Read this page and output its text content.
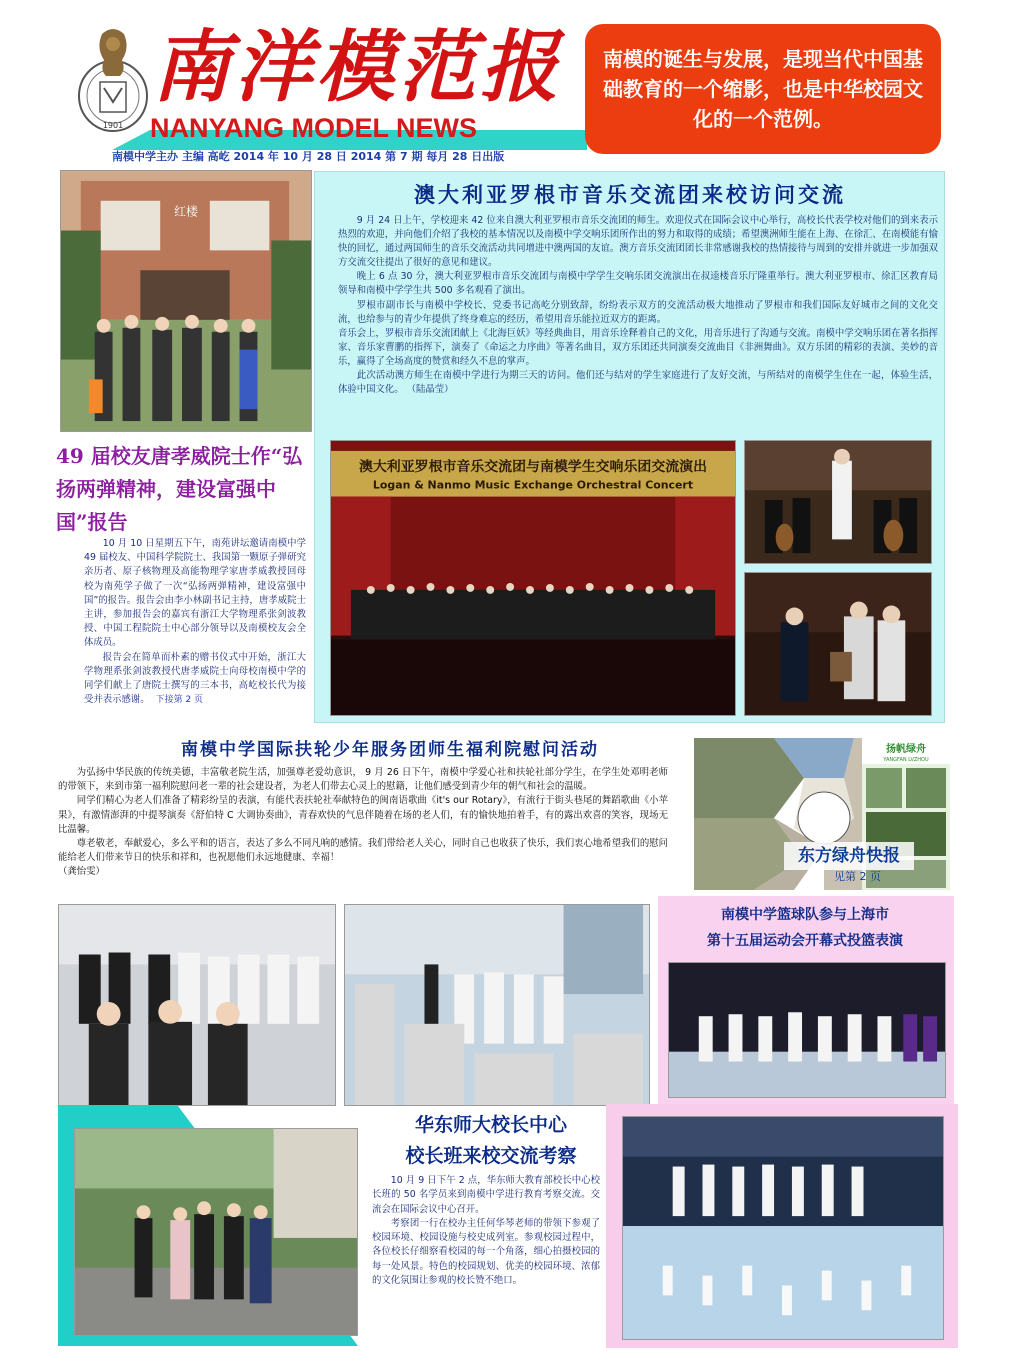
1901
南洋模范报
NANYANG MODEL NEWS
南模中学主办 主编 高屹 2014 年 10 月 28 日 2014 第 7 期 每月 28 日出版
南模的诞生与发展，是现当代中国基础教育的一个缩影，也是中华校园文化的一个范例。
红楼
澳大利亚罗根市音乐交流团来校访问交流

9 月 24 日上午，学校迎来 42 位来自澳大利亚罗根市音乐交流团的师生。欢迎仪式在国际会议中心举行，高校长代表学校对他们的到来表示热烈的欢迎，并向他们介绍了我校的基本情况以及南模中学交响乐团所作出的努力和取得的成绩；希望澳洲师生能在上海、在徐汇、在南模能有愉快的回忆，通过两国师生的音乐交流活动共同增进中澳两国的友谊。澳方音乐交流团团长非常感谢我校的热情接待与周到的安排并就进一步加强双方交流交往提出了很好的意见和建议。

晚上 6 点 30 分，澳大利亚罗根市音乐交流团与南模中学学生交响乐团交流演出在叔逵楼音乐厅隆重举行。澳大利亚罗根市、徐汇区教育局领导和南模中学学生共 500 多名观看了演出。

罗根市副市长与南模中学校长、党委书记高屹分别致辞，纷纷表示双方的交流活动极大地推动了罗根市和我们国际友好城市之间的文化交流，也给参与的青少年提供了终身难忘的经历，希望用音乐能拉近双方的距离。

音乐会上，罗根市音乐交流团献上《北海巨妖》等经典曲目，用音乐诠释着自己的文化，用音乐进行了沟通与交流。南模中学交响乐团在著名指挥家、音乐家曹鹏的指挥下，演奏了《命运之力序曲》等著名曲目，双方乐团还共同演奏交流曲目《非洲舞曲》。双方乐团的精彩的表演、美妙的音乐，赢得了全场高度的赞赏和经久不息的掌声。

此次活动澳方师生在南模中学进行为期三天的访问。他们还与结对的学生家庭进行了友好交流，与所结对的南模学生住在一起，体验生活，体验中国文化。 （陆晶莹）

澳大利亚罗根市音乐交流团与南模学生交响乐团交流演出
Logan & Nanmo Music Exchange Orchestral Concert
49 届校友唐孝威院士作“弘扬两弹精神，建设富强中国”报告

10 月 10 日星期五下午，南苑讲坛邀请南模中学 49 届校友、中国科学院院士、我国第一颗原子弹研究亲历者、原子核物理及高能物理学家唐孝威教授回母校为南苑学子做了一次“弘扬两弹精神，建设富强中国”的报告。报告会由李小林副书记主持，唐孝威院士主讲，参加报告会的嘉宾有浙江大学物理系张剑波教授、中国工程院院士中心部分领导以及南模校友会全体成员。

报告会在简单而朴素的赠书仪式中开始，浙江大学物理系张剑波教授代唐孝威院士向母校南模中学的同学们献上了唐院士撰写的三本书，高屹校长代为接受并表示感谢。 下接第 2 页

南模中学国际扶轮少年服务团师生福利院慰问活动

为弘扬中华民族的传统美德，丰富敬老院生活，加强尊老爱幼意识， 9 月 26 日下午，南模中学爱心社和扶轮社部分学生，在学生处邓明老师的带领下，来到市第一福利院慰问老一辈的社会建设者，为老人们带去心灵上的慰籍，让他们感受到青少年的朝气和社会的温暖。

同学们精心为老人们准备了精彩纷呈的表演，有能代表扶轮社奉献特色的闽南语歌曲《it's our Rotary》，有流行于街头巷尾的舞蹈歌曲《小苹果》，有激情澎湃的中提琴演奏《舒伯特 C 大调协奏曲》，青春欢快的气息伴随着在场的老人们，有的愉快地拍着手，有的露出欢喜的笑容，现场无比温馨。

尊老敬老，奉献爱心，多么平和的语言，表达了多么不同凡响的感情。我们带给老人关心，同时自己也收获了快乐，我们衷心地希望我们的慰问能给老人们带来节日的快乐和祥和，也祝愿他们永远地健康、幸福！

（龚怡雯）

扬帆绿舟
YANGFAN LVZHOU
东方绿舟快报
见第 2 页
南模中学篮球队参与上海市
第十五届运动会开幕式投篮表演
华东师大校长中心
校长班来校交流考察

10 月 9 日下午 2 点，华东师大教育部校长中心校长班的 50 名学员来到南模中学进行教育考察交流。交流会在国际会议中心召开。

考察团一行在校办主任何华琴老师的带领下参观了校园环境、校园设施与校史成列室。参观校园过程中，各位校长仔细察看校园的每一个角落，细心拍摄校园的每一处风景。特色的校园规划、优美的校园环境、浓郁的文化氛围让参观的校长赞不绝口。
